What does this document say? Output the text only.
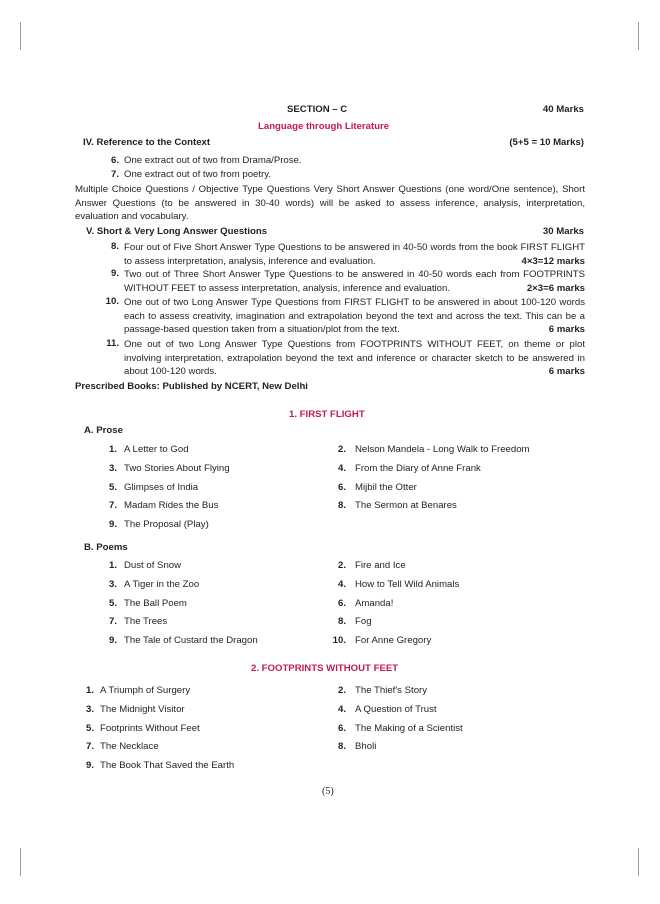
SECTION – C	40 Marks
Language through Literature
IV. Reference to the Context	(5+5 = 10 Marks)
6. One extract out of two from Drama/Prose.
7. One extract out of two from poetry.
Multiple Choice Questions / Objective Type Questions Very Short Answer Questions (one word/One sentence), Short Answer Questions (to be answered in 30-40 words) will be asked to assess inference, analysis, interpretation, evaluation and vocabulary.
V. Short & Very Long Answer Questions	30 Marks
8. Four out of Five Short Answer Type Questions to be answered in 40-50 words from the book FIRST FLIGHT to assess interpretation, analysis, inference and evaluation.	4×3=12 marks
9. Two out of Three Short Answer Type Questions to be answered in 40-50 words each from FOOTPRINTS WITHOUT FEET to assess interpretation, analysis, inference and evaluation.	2×3=6 marks
10. One out of two Long Answer Type Questions from FIRST FLIGHT to be answered in about 100-120 words each to assess creativity, imagination and extrapolation beyond the text and across the text. This can be a passage-based question taken from a situation/plot from the text.	6 marks
11. One out of two Long Answer Type Questions from FOOTPRINTS WITHOUT FEET, on theme or plot involving interpretation, extrapolation beyond the text and inference or character sketch to be answered in about 100-120 words.	6 marks
Prescribed Books: Published by NCERT, New Delhi
1. FIRST FLIGHT
A. Prose
1. A Letter to God	2. Nelson Mandela - Long Walk to Freedom
3. Two Stories About Flying	4. From the Diary of Anne Frank
5. Glimpses of India	6. Mijbil the Otter
7. Madam Rides the Bus	8. The Sermon at Benares
9. The Proposal (Play)
B. Poems
1. Dust of Snow	2. Fire and Ice
3. A Tiger in the Zoo	4. How to Tell Wild Animals
5. The Ball Poem	6. Amanda!
7. The Trees	8. Fog
9. The Tale of Custard the Dragon	10. For Anne Gregory
2. FOOTPRINTS WITHOUT FEET
1. A Triumph of Surgery	2. The Thief's Story
3. The Midnight Visitor	4. A Question of Trust
5. Footprints Without Feet	6. The Making of a Scientist
7. The Necklace	8. Bholi
9. The Book That Saved the Earth
(5)
